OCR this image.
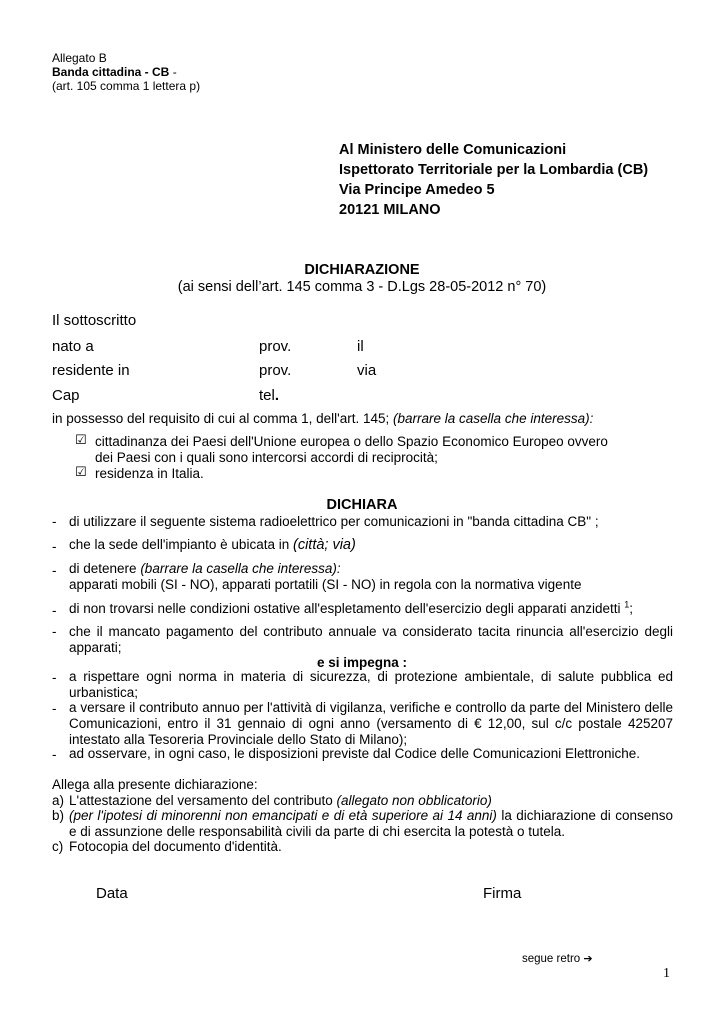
Allegato B
Banda cittadina - CB -
(art. 105 comma 1 lettera p)
Al Ministero delle Comunicazioni
Ispettorato Territoriale per la Lombardia (CB)
Via Principe Amedeo 5
20121 MILANO
DICHIARAZIONE
(ai sensi dell’art. 145 comma 3 - D.Lgs 28-05-2012 n° 70)
Il sottoscritto
nato a	prov.	il
residente in	prov.	via
Cap	tel.
in possesso del requisito di cui al comma 1, dell'art. 145; (barrare la casella che interessa):
☑ cittadinanza dei Paesi dell'Unione europea o dello Spazio Economico Europeo ovvero
dei Paesi con i quali sono intercorsi accordi di reciprocità;
☑ residenza in Italia.
DICHIARA
- di utilizzare il seguente sistema radioelettrico per comunicazioni in "banda cittadina CB" ;
- che la sede dell'impianto è ubicata in (città; via)
- di detenere (barrare la casella che interessa):
apparati mobili (SI - NO), apparati portatili (SI - NO) in regola con la normativa vigente
- di non trovarsi nelle condizioni ostative all'espletamento dell'esercizio degli apparati anzidetti $^1$;
- che il mancato pagamento del contributo annuale va considerato tacita rinuncia all'esercizio degli apparati;
e si impegna :
- a rispettare ogni norma in materia di sicurezza, di protezione ambientale, di salute pubblica ed urbanistica;
- a versare il contributo annuo per l'attività di vigilanza, verifiche e controllo da parte del Ministero delle Comunicazioni, entro il 31 gennaio di ogni anno (versamento di € 12,00, sul c/c postale 425207 intestato alla Tesoreria Provinciale dello Stato di Milano);
- ad osservare, in ogni caso, le disposizioni previste dal Codice delle Comunicazioni Elettroniche.
Allega alla presente dichiarazione:
a) L'attestazione del versamento del contributo (allegato non obblicatorio)
b) (per l'ipotesi di minorenni non emancipati e di età superiore ai 14 anni) la dichiarazione di consenso e di assunzione delle responsabilità civili da parte di chi esercita la potestà o tutela.
c) Fotocopia del documento d'identità.
Data	Firma
segue retro ➔
1
